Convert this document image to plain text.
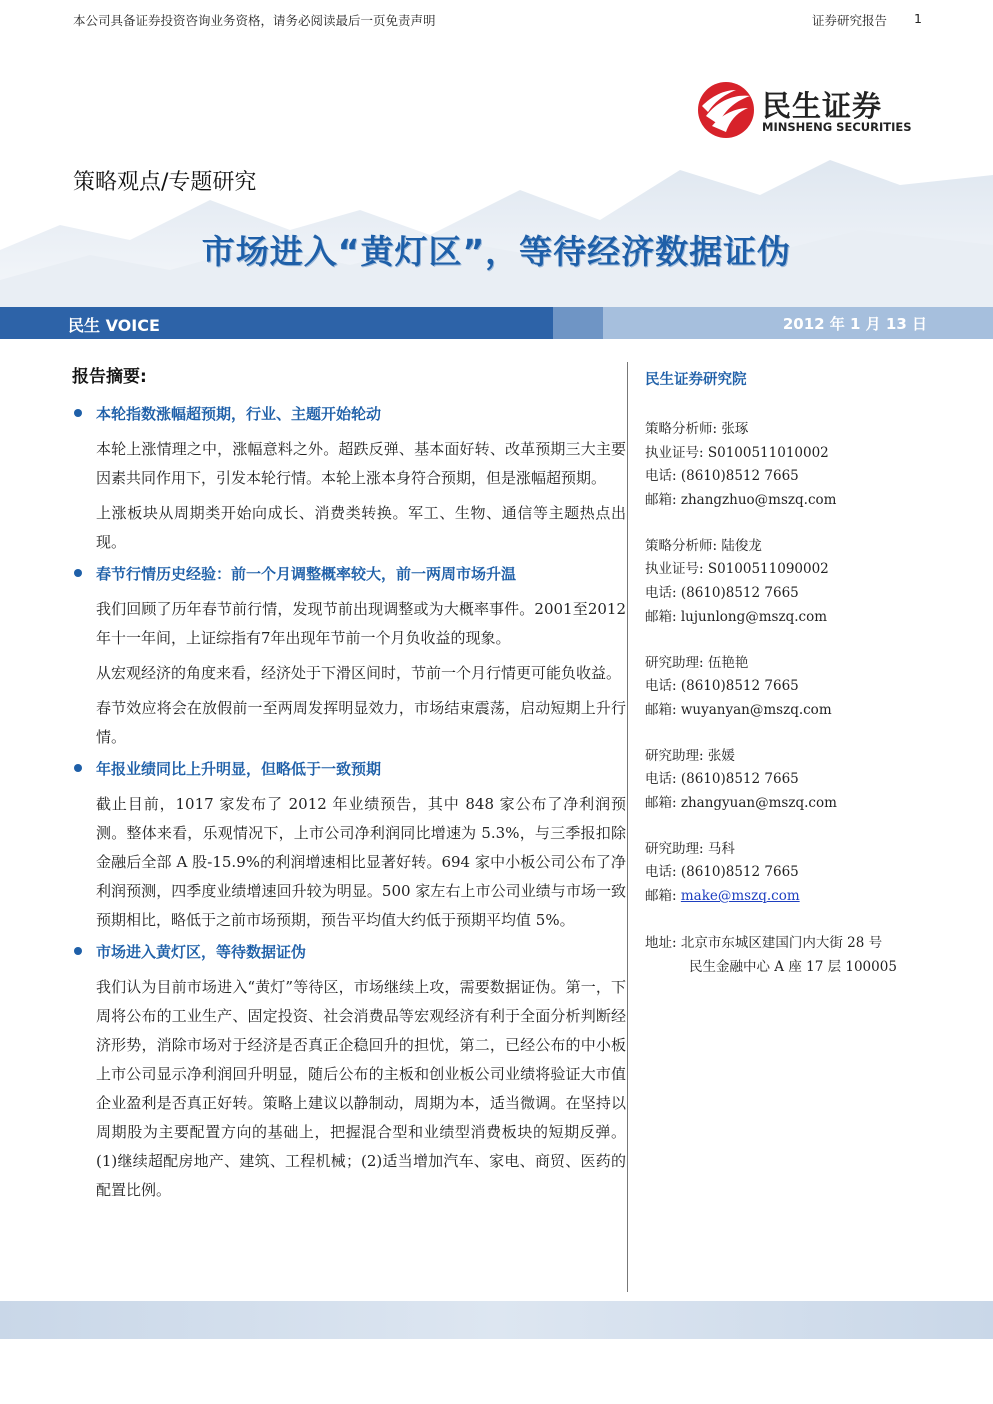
民生证券
MINSHENG SECURITIES
策略观点/专题研究
市场进入“黄灯区”，等待经济数据证伪
民生 VOICE	2012 年 1 月 13 日
报告摘要:
本轮指数涨幅超预期，行业、主题开始轮动

本轮上涨情理之中，涨幅意料之外。超跌反弹、基本面好转、改革预期三大主要因素共同作用下，引发本轮行情。本轮上涨本身符合预期，但是涨幅超预期。

上涨板块从周期类开始向成长、消费类转换。军工、生物、通信等主题热点出现。

春节行情历史经验：前一个月调整概率较大，前一两周市场升温

我们回顾了历年春节前行情，发现节前出现调整或为大概率事件。2001至2012年十一年间，上证综指有7年出现年节前一个月负收益的现象。

从宏观经济的角度来看，经济处于下滑区间时，节前一个月行情更可能负收益。

春节效应将会在放假前一至两周发挥明显效力，市场结束震荡，启动短期上升行情。

年报业绩同比上升明显，但略低于一致预期

截止目前，1017 家发布了 2012 年业绩预告，其中 848 家公布了净利润预测。整体来看，乐观情况下，上市公司净利润同比增速为 5.3%，与三季报扣除金融后全部 A 股-15.9%的利润增速相比显著好转。694 家中小板公司公布了净利润预测，四季度业绩增速回升较为明显。500 家左右上市公司业绩与市场一致预期相比，略低于之前市场预期，预告平均值大约低于预期平均值 5%。

市场进入黄灯区，等待数据证伪

我们认为目前市场进入“黄灯”等待区，市场继续上攻，需要数据证伪。第一，下周将公布的工业生产、固定投资、社会消费品等宏观经济有利于全面分析判断经济形势，消除市场对于经济是否真正企稳回升的担忧，第二，已经公布的中小板上市公司显示净利润回升明显，随后公布的主板和创业板公司业绩将验证大市值企业盈利是否真正好转。策略上建议以静制动，周期为本，适当微调。在坚持以周期股为主要配置方向的基础上，把握混合型和业绩型消费板块的短期反弹。(1)继续超配房地产、建筑、工程机械；(2)适当增加汽车、家电、商贸、医药的配置比例。

民生证券研究院
策略分析师: 张琢
执业证号: S0100511010002
电话: (8610)8512 7665
邮箱: zhangzhuo@mszq.com
策略分析师: 陆俊龙
执业证号: S0100511090002
电话: (8610)8512 7665
邮箱: lujunlong@mszq.com
研究助理: 伍艳艳
电话: (8610)8512 7665
邮箱: wuyanyan@mszq.com
研究助理: 张媛
电话: (8610)8512 7665
邮箱: zhangyuan@mszq.com
研究助理: 马科
电话: (8610)8512 7665
邮箱: make@mszq.com
地址: 北京市东城区建国门内大街 28 号
民生金融中心 A 座 17 层 100005
本公司具备证券投资咨询业务资格，请务必阅读最后一页免责声明	证券研究报告 1
